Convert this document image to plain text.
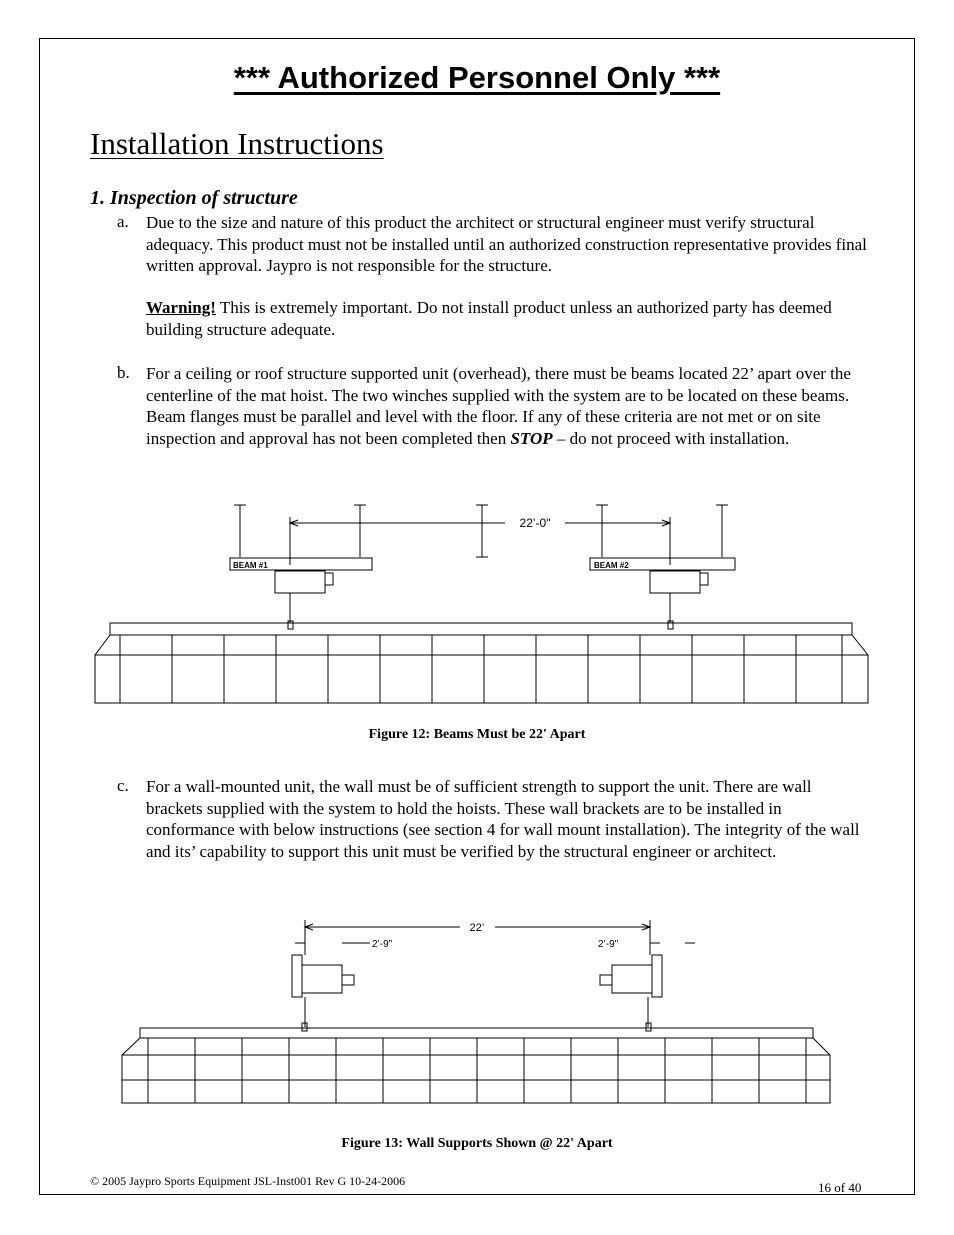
*** Authorized Personnel Only ***
Installation Instructions
1. Inspection of structure
a. Due to the size and nature of this product the architect or structural engineer must verify structural adequacy. This product must not be installed until an authorized construction representative provides final written approval. Jaypro is not responsible for the structure.
Warning! This is extremely important. Do not install product unless an authorized party has deemed building structure adequate.
b. For a ceiling or roof structure supported unit (overhead), there must be beams located 22’ apart over the centerline of the mat hoist. The two winches supplied with the system are to be located on these beams. Beam flanges must be parallel and level with the floor. If any of these criteria are not met or on site inspection and approval has not been completed then STOP – do not proceed with installation.
22’-0"
BEAM #1	BEAM #2
Figure 12: Beams Must be 22' Apart
c. For a wall-mounted unit, the wall must be of sufficient strength to support the unit. There are wall brackets supplied with the system to hold the hoists. These wall brackets are to be installed in conformance with below instructions (see section 4 for wall mount installation). The integrity of the wall and its’ capability to support this unit must be verified by the structural engineer or architect.
22’
2’-9"	2’-9"
Figure 13: Wall Supports Shown @ 22' Apart
© 2005 Jaypro Sports Equipment JSL-Inst001 Rev G 10-24-2006	16 of 40
